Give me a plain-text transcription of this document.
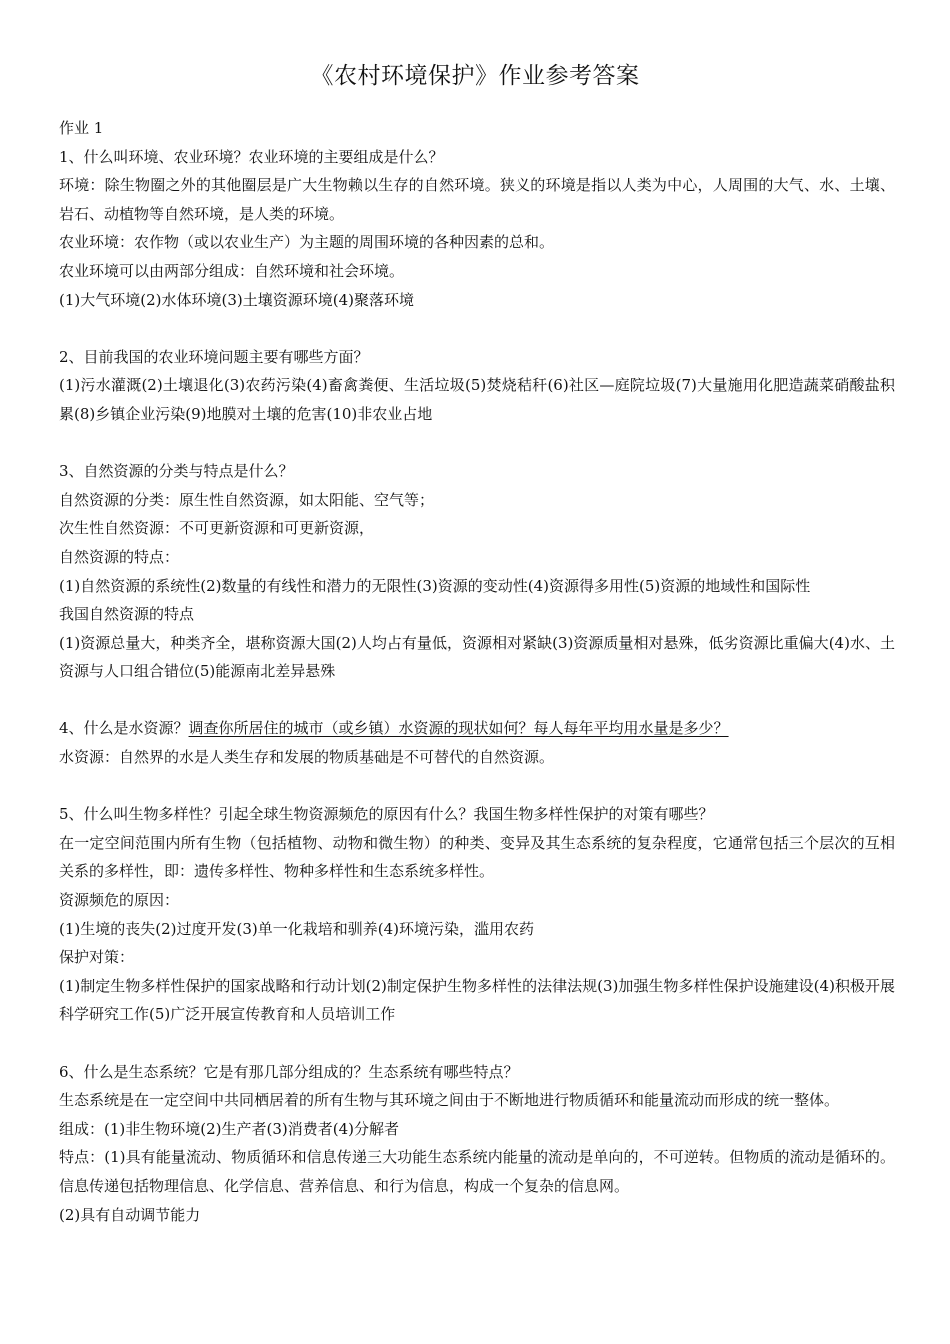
《农村环境保护》作业参考答案

作业 1

1、什么叫环境、农业环境？农业环境的主要组成是什么？

环境：除生物圈之外的其他圈层是广大生物赖以生存的自然环境。狭义的环境是指以人类为中心，人周围的大气、水、土壤、岩石、动植物等自然环境，是人类的环境。

农业环境：农作物（或以农业生产）为主题的周围环境的各种因素的总和。

农业环境可以由两部分组成：自然环境和社会环境。

(1)大气环境(2)水体环境(3)土壤资源环境(4)聚落环境

2、目前我国的农业环境问题主要有哪些方面？

(1)污水灌溉(2)土壤退化(3)农药污染(4)畜禽粪便、生活垃圾(5)焚烧秸秆(6)社区—庭院垃圾(7)大量施用化肥造蔬菜硝酸盐积累(8)乡镇企业污染(9)地膜对土壤的危害(10)非农业占地

3、自然资源的分类与特点是什么？

自然资源的分类：原生性自然资源，如太阳能、空气等；

次生性自然资源：不可更新资源和可更新资源，

自然资源的特点：

(1)自然资源的系统性(2)数量的有线性和潜力的无限性(3)资源的变动性(4)资源得多用性(5)资源的地域性和国际性

我国自然资源的特点

(1)资源总量大，种类齐全，堪称资源大国(2)人均占有量低，资源相对紧缺(3)资源质量相对悬殊，低劣资源比重偏大(4)水、土资源与人口组合错位(5)能源南北差异悬殊

4、什么是水资源？调查你所居住的城市（或乡镇）水资源的现状如何？每人每年平均用水量是多少？

水资源：自然界的水是人类生存和发展的物质基础是不可替代的自然资源。

5、什么叫生物多样性？引起全球生物资源频危的原因有什么？我国生物多样性保护的对策有哪些？

在一定空间范围内所有生物（包括植物、动物和微生物）的种类、变异及其生态系统的复杂程度，它通常包括三个层次的互相关系的多样性，即：遗传多样性、物种多样性和生态系统多样性。

资源频危的原因：

(1)生境的丧失(2)过度开发(3)单一化栽培和驯养(4)环境污染，滥用农药

保护对策：

(1)制定生物多样性保护的国家战略和行动计划(2)制定保护生物多样性的法律法规(3)加强生物多样性保护设施建设(4)积极开展科学研究工作(5)广泛开展宣传教育和人员培训工作

6、什么是生态系统？它是有那几部分组成的？生态系统有哪些特点？

生态系统是在一定空间中共同栖居着的所有生物与其环境之间由于不断地进行物质循环和能量流动而形成的统一整体。

组成：(1)非生物环境(2)生产者(3)消费者(4)分解者

特点：(1)具有能量流动、物质循环和信息传递三大功能生态系统内能量的流动是单向的，不可逆转。但物质的流动是循环的。信息传递包括物理信息、化学信息、营养信息、和行为信息，构成一个复杂的信息网。

(2)具有自动调节能力
